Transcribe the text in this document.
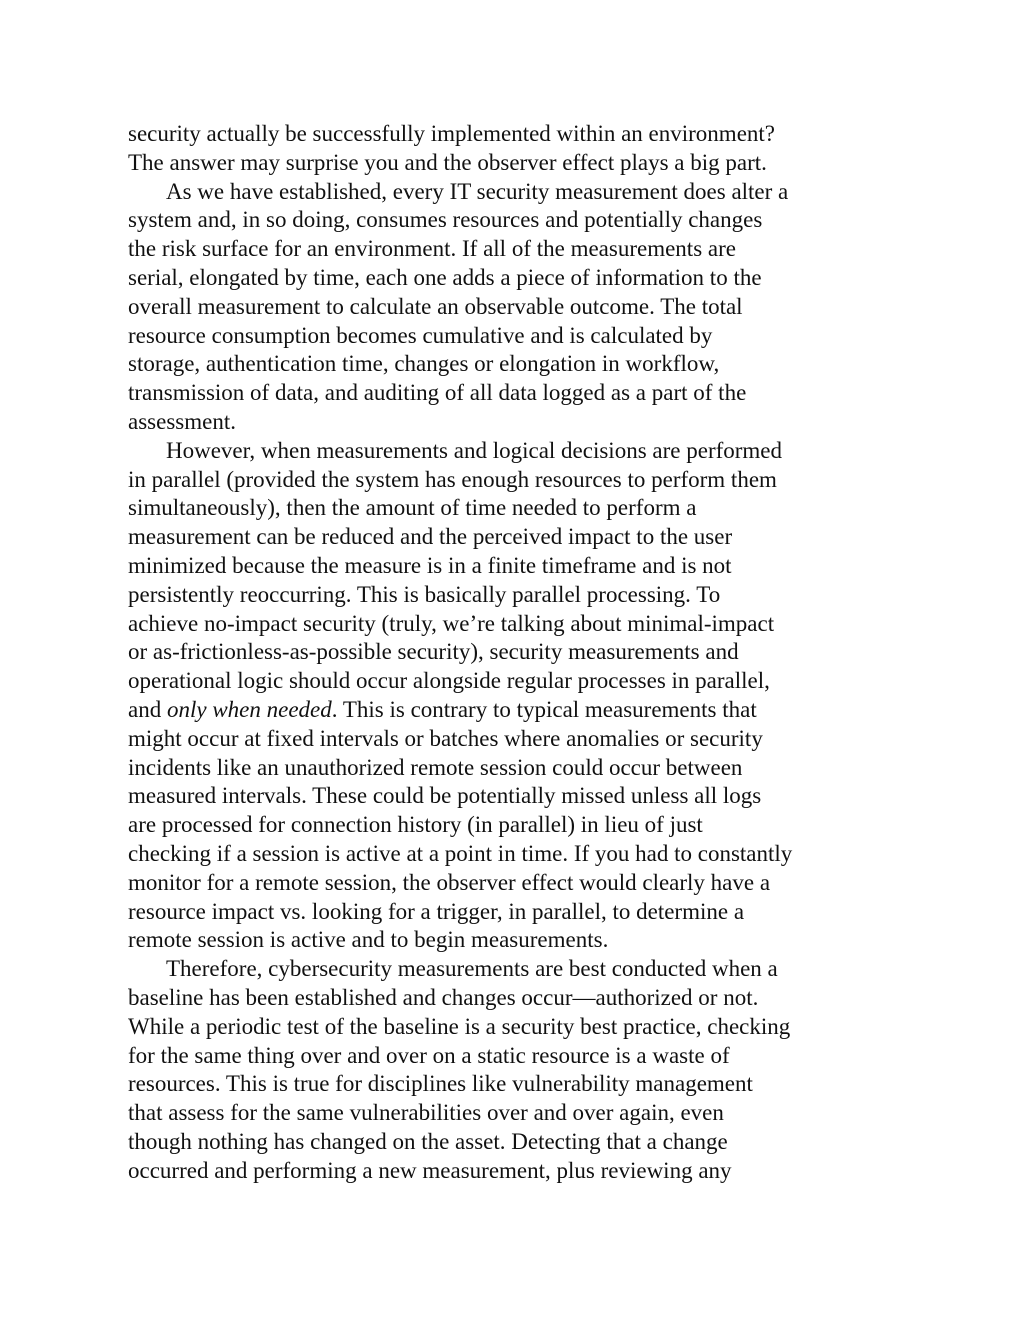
security actually be successfully implemented within an environment?
The answer may surprise you and the observer effect plays a big part.
As we have established, every IT security measurement does alter a
system and, in so doing, consumes resources and potentially changes
the risk surface for an environment. If all of the measurements are
serial, elongated by time, each one adds a piece of information to the
overall measurement to calculate an observable outcome. The total
resource consumption becomes cumulative and is calculated by
storage, authentication time, changes or elongation in workflow,
transmission of data, and auditing of all data logged as a part of the
assessment.
However, when measurements and logical decisions are performed
in parallel (provided the system has enough resources to perform them
simultaneously), then the amount of time needed to perform a
measurement can be reduced and the perceived impact to the user
minimized because the measure is in a finite timeframe and is not
persistently reoccurring. This is basically parallel processing. To
achieve no-impact security (truly, we’re talking about minimal-impact
or as-frictionless-as-possible security), security measurements and
operational logic should occur alongside regular processes in parallel,
and only when needed. This is contrary to typical measurements that
might occur at fixed intervals or batches where anomalies or security
incidents like an unauthorized remote session could occur between
measured intervals. These could be potentially missed unless all logs
are processed for connection history (in parallel) in lieu of just
checking if a session is active at a point in time. If you had to constantly
monitor for a remote session, the observer effect would clearly have a
resource impact vs. looking for a trigger, in parallel, to determine a
remote session is active and to begin measurements.
Therefore, cybersecurity measurements are best conducted when a
baseline has been established and changes occur—authorized or not.
While a periodic test of the baseline is a security best practice, checking
for the same thing over and over on a static resource is a waste of
resources. This is true for disciplines like vulnerability management
that assess for the same vulnerabilities over and over again, even
though nothing has changed on the asset. Detecting that a change
occurred and performing a new measurement, plus reviewing any
